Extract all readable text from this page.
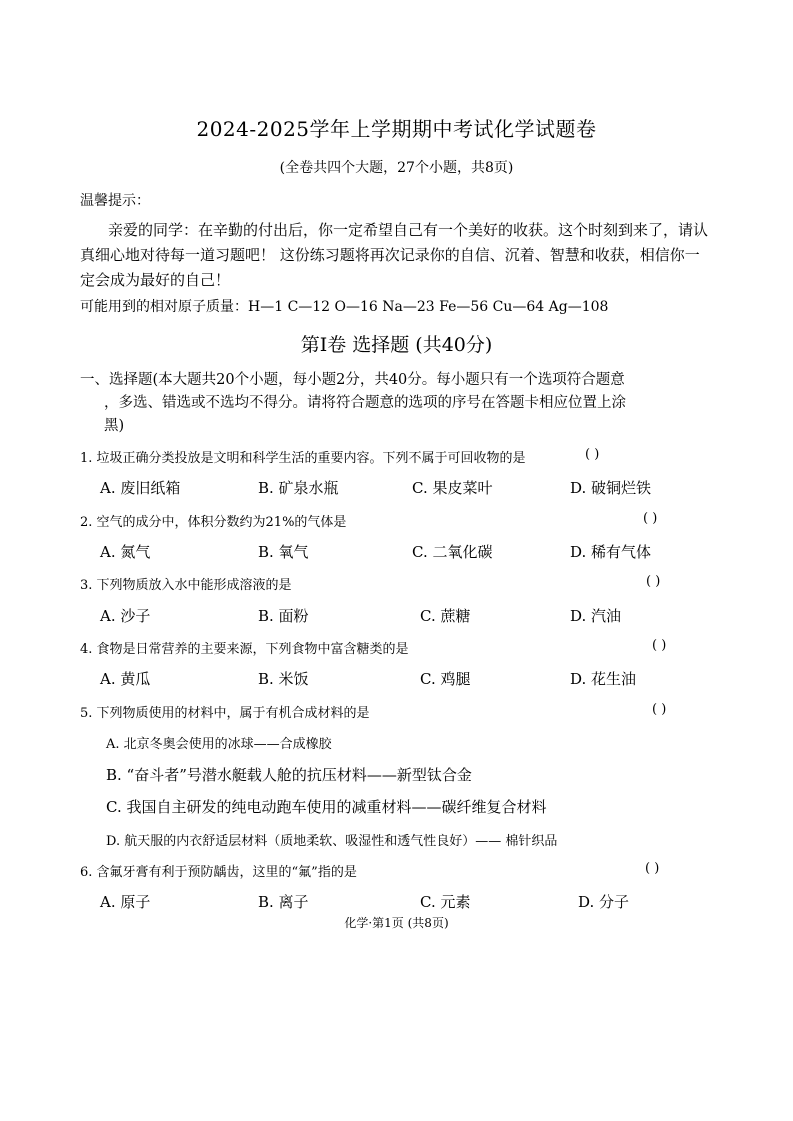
2024-2025学年上学期期中考试化学试题卷
(全卷共四个大题，27个小题，共8页)
温馨提示：
亲爱的同学：在辛勤的付出后，你一定希望自己有一个美好的收获。这个时刻到来了，请认真细心地对待每一道习题吧！ 这份练习题将再次记录你的自信、沉着、智慧和收获，相信你一定会成为最好的自己！
可能用到的相对原子质量：H—1 C—12 O—16 Na—23 Fe—56 Cu—64 Ag—108
第Ⅰ卷 选择题 (共40分)
一、选择题(本大题共20个小题，每小题2分，共40分。每小题只有一个选项符合题意
，多选、错选或不选均不得分。请将符合题意的选项的序号在答题卡相应位置上涂
黑)
1. 垃圾正确分类投放是文明和科学生活的重要内容。下列不属于可回收物的是	( )
A. 废旧纸箱	B. 矿泉水瓶	C. 果皮菜叶	D. 破铜烂铁
2. 空气的成分中，体积分数约为21%的气体是	( )
A. 氮气	B. 氧气	C. 二氧化碳	D. 稀有气体
3. 下列物质放入水中能形成溶液的是	( )
A. 沙子	B. 面粉	C. 蔗糖	D. 汽油
4. 食物是日常营养的主要来源，下列食物中富含糖类的是	( )
A. 黄瓜	B. 米饭	C. 鸡腿	D. 花生油
5. 下列物质使用的材料中，属于有机合成材料的是	( )
A. 北京冬奥会使用的冰球——合成橡胶
B. “奋斗者”号潜水艇载人舱的抗压材料——新型钛合金
C. 我国自主研发的纯电动跑车使用的减重材料——碳纤维复合材料
D. 航天服的内衣舒适层材料（质地柔软、吸湿性和透气性良好）—— 棉针织品
6. 含氟牙膏有利于预防龋齿，这里的“氟”指的是	( )
A. 原子	B. 离子	C. 元素	D. 分子
化学·第1页 (共8页)
